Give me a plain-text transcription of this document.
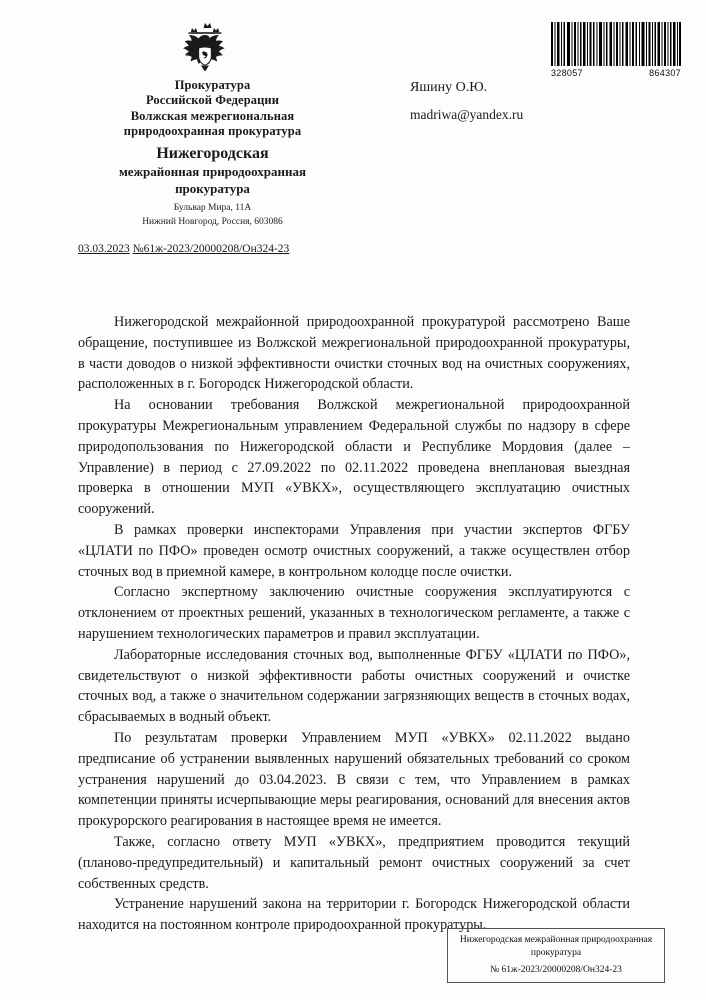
Прокуратура
Российской Федерации
Волжская межрегиональная
природоохранная прокуратура
Нижегородская
межрайонная природоохранная
прокуратура
Бульвар Мира, 11А
Нижний Новгород, Россия, 603086
03.03.2023 №61ж-2023/20000208/Он324-23
Яшину О.Ю.
madriwa@yandex.ru
328057	864307

Нижегородской межрайонной природоохранной прокуратурой рассмотрено Ваше обращение, поступившее из Волжской межрегиональной природоохранной прокуратуры, в части доводов о низкой эффективности очистки сточных вод на очистных сооружениях, расположенных в г. Богородск Нижегородской области.

На основании требования Волжской межрегиональной природоохранной прокуратуры Межрегиональным управлением Федеральной службы по надзору в сфере природопользования по Нижегородской области и Республике Мордовия (далее – Управление) в период с 27.09.2022 по 02.11.2022 проведена внеплановая выездная проверка в отношении МУП «УВКХ», осуществляющего эксплуатацию очистных сооружений.

В рамках проверки инспекторами Управления при участии экспертов ФГБУ «ЦЛАТИ по ПФО» проведен осмотр очистных сооружений, а также осуществлен отбор сточных вод в приемной камере, в контрольном колодце после очистки.

Согласно экспертному заключению очистные сооружения эксплуатируются с отклонением от проектных решений, указанных в технологическом регламенте, а также с нарушением технологических параметров и правил эксплуатации.

Лабораторные исследования сточных вод, выполненные ФГБУ «ЦЛАТИ по ПФО», свидетельствуют о низкой эффективности работы очистных сооружений и очистке сточных вод, а также о значительном содержании загрязняющих веществ в сточных водах, сбрасываемых в водный объект.

По результатам проверки Управлением МУП «УВКХ» 02.11.2022 выдано предписание об устранении выявленных нарушений обязательных требований со сроком устранения нарушений до 03.04.2023. В связи с тем, что Управлением в рамках компетенции приняты исчерпывающие меры реагирования, оснований для внесения актов прокурорского реагирования в настоящее время не имеется.

Также, согласно ответу МУП «УВКХ», предприятием проводится текущий (планово-предупредительный) и капитальный ремонт очистных сооружений за счет собственных средств.

Устранение нарушений закона на территории г. Богородск Нижегородской области находится на постоянном контроле природоохранной прокуратуры.

Нижегородская межрайонная природоохранная
прокуратура
№ 61ж-2023/20000208/Он324-23
